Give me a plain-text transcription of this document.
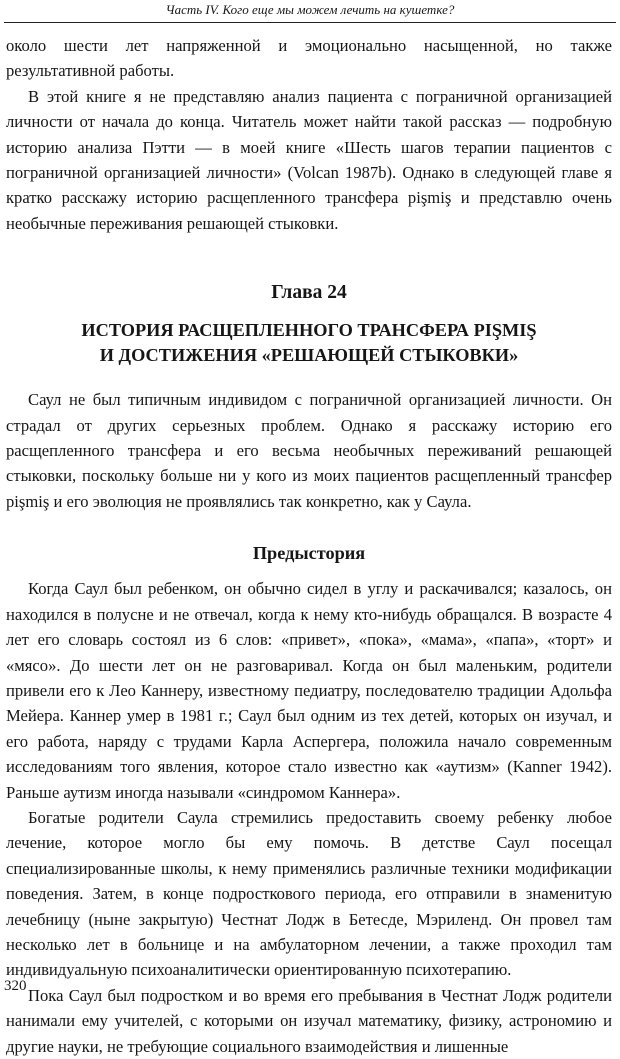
Часть IV. Кого еще мы можем лечить на кушетке?

около шести лет напряженной и эмоционально насыщенной, но также результативной работы.

В этой книге я не представляю анализ пациента с пограничной организацией личности от начала до конца. Читатель может найти такой рассказ — подробную историю анализа Пэтти — в моей книге «Шесть шагов терапии пациентов с пограничной организацией личности» (Volcan 1987b). Однако в следующей главе я кратко расскажу историю расщепленного трансфера pişmiş и представлю очень необычные переживания решающей стыковки.

Глава 24
ИСТОРИЯ РАСЩЕПЛЕННОГО ТРАНСФЕРА PIŞMIŞ
И ДОСТИЖЕНИЯ «РЕШАЮЩЕЙ СТЫКОВКИ»

Саул не был типичным индивидом с пограничной организацией личности. Он страдал от других серьезных проблем. Однако я расскажу историю его расщепленного трансфера и его весьма необычных переживаний решающей стыковки, поскольку больше ни у кого из моих пациентов расщепленный трансфер pişmiş и его эволюция не проявлялись так конкретно, как у Саула.

Предыстория

Когда Саул был ребенком, он обычно сидел в углу и раскачивался; казалось, он находился в полусне и не отвечал, когда к нему кто-нибудь обращался. В возрасте 4 лет его словарь состоял из 6 слов: «привет», «пока», «мама», «папа», «торт» и «мясо». До шести лет он не разговаривал. Когда он был маленьким, родители привели его к Лео Каннеру, известному педиатру, последователю традиции Адольфа Мейера. Каннер умер в 1981 г.; Саул был одним из тех детей, которых он изучал, и его работа, наряду с трудами Карла Аспергера, положила начало современным исследованиям того явления, которое стало известно как «аутизм» (Kanner 1942). Раньше аутизм иногда называли «синдромом Каннера».

Богатые родители Саула стремились предоставить своему ребенку любое лечение, которое могло бы ему помочь. В детстве Саул посещал специализированные школы, к нему применялись различные техники модификации поведения. Затем, в конце подросткового периода, его отправили в знаменитую лечебницу (ныне закрытую) Честнат Лодж в Бетесде, Мэриленд. Он провел там несколько лет в больнице и на амбулаторном лечении, а также проходил там индивидуальную психоаналитически ориентированную психотерапию.

Пока Саул был подростком и во время его пребывания в Честнат Лодж родители нанимали ему учителей, с которыми он изучал математику, физику, астрономию и другие науки, не требующие социального взаимодействия и лишенные

320
